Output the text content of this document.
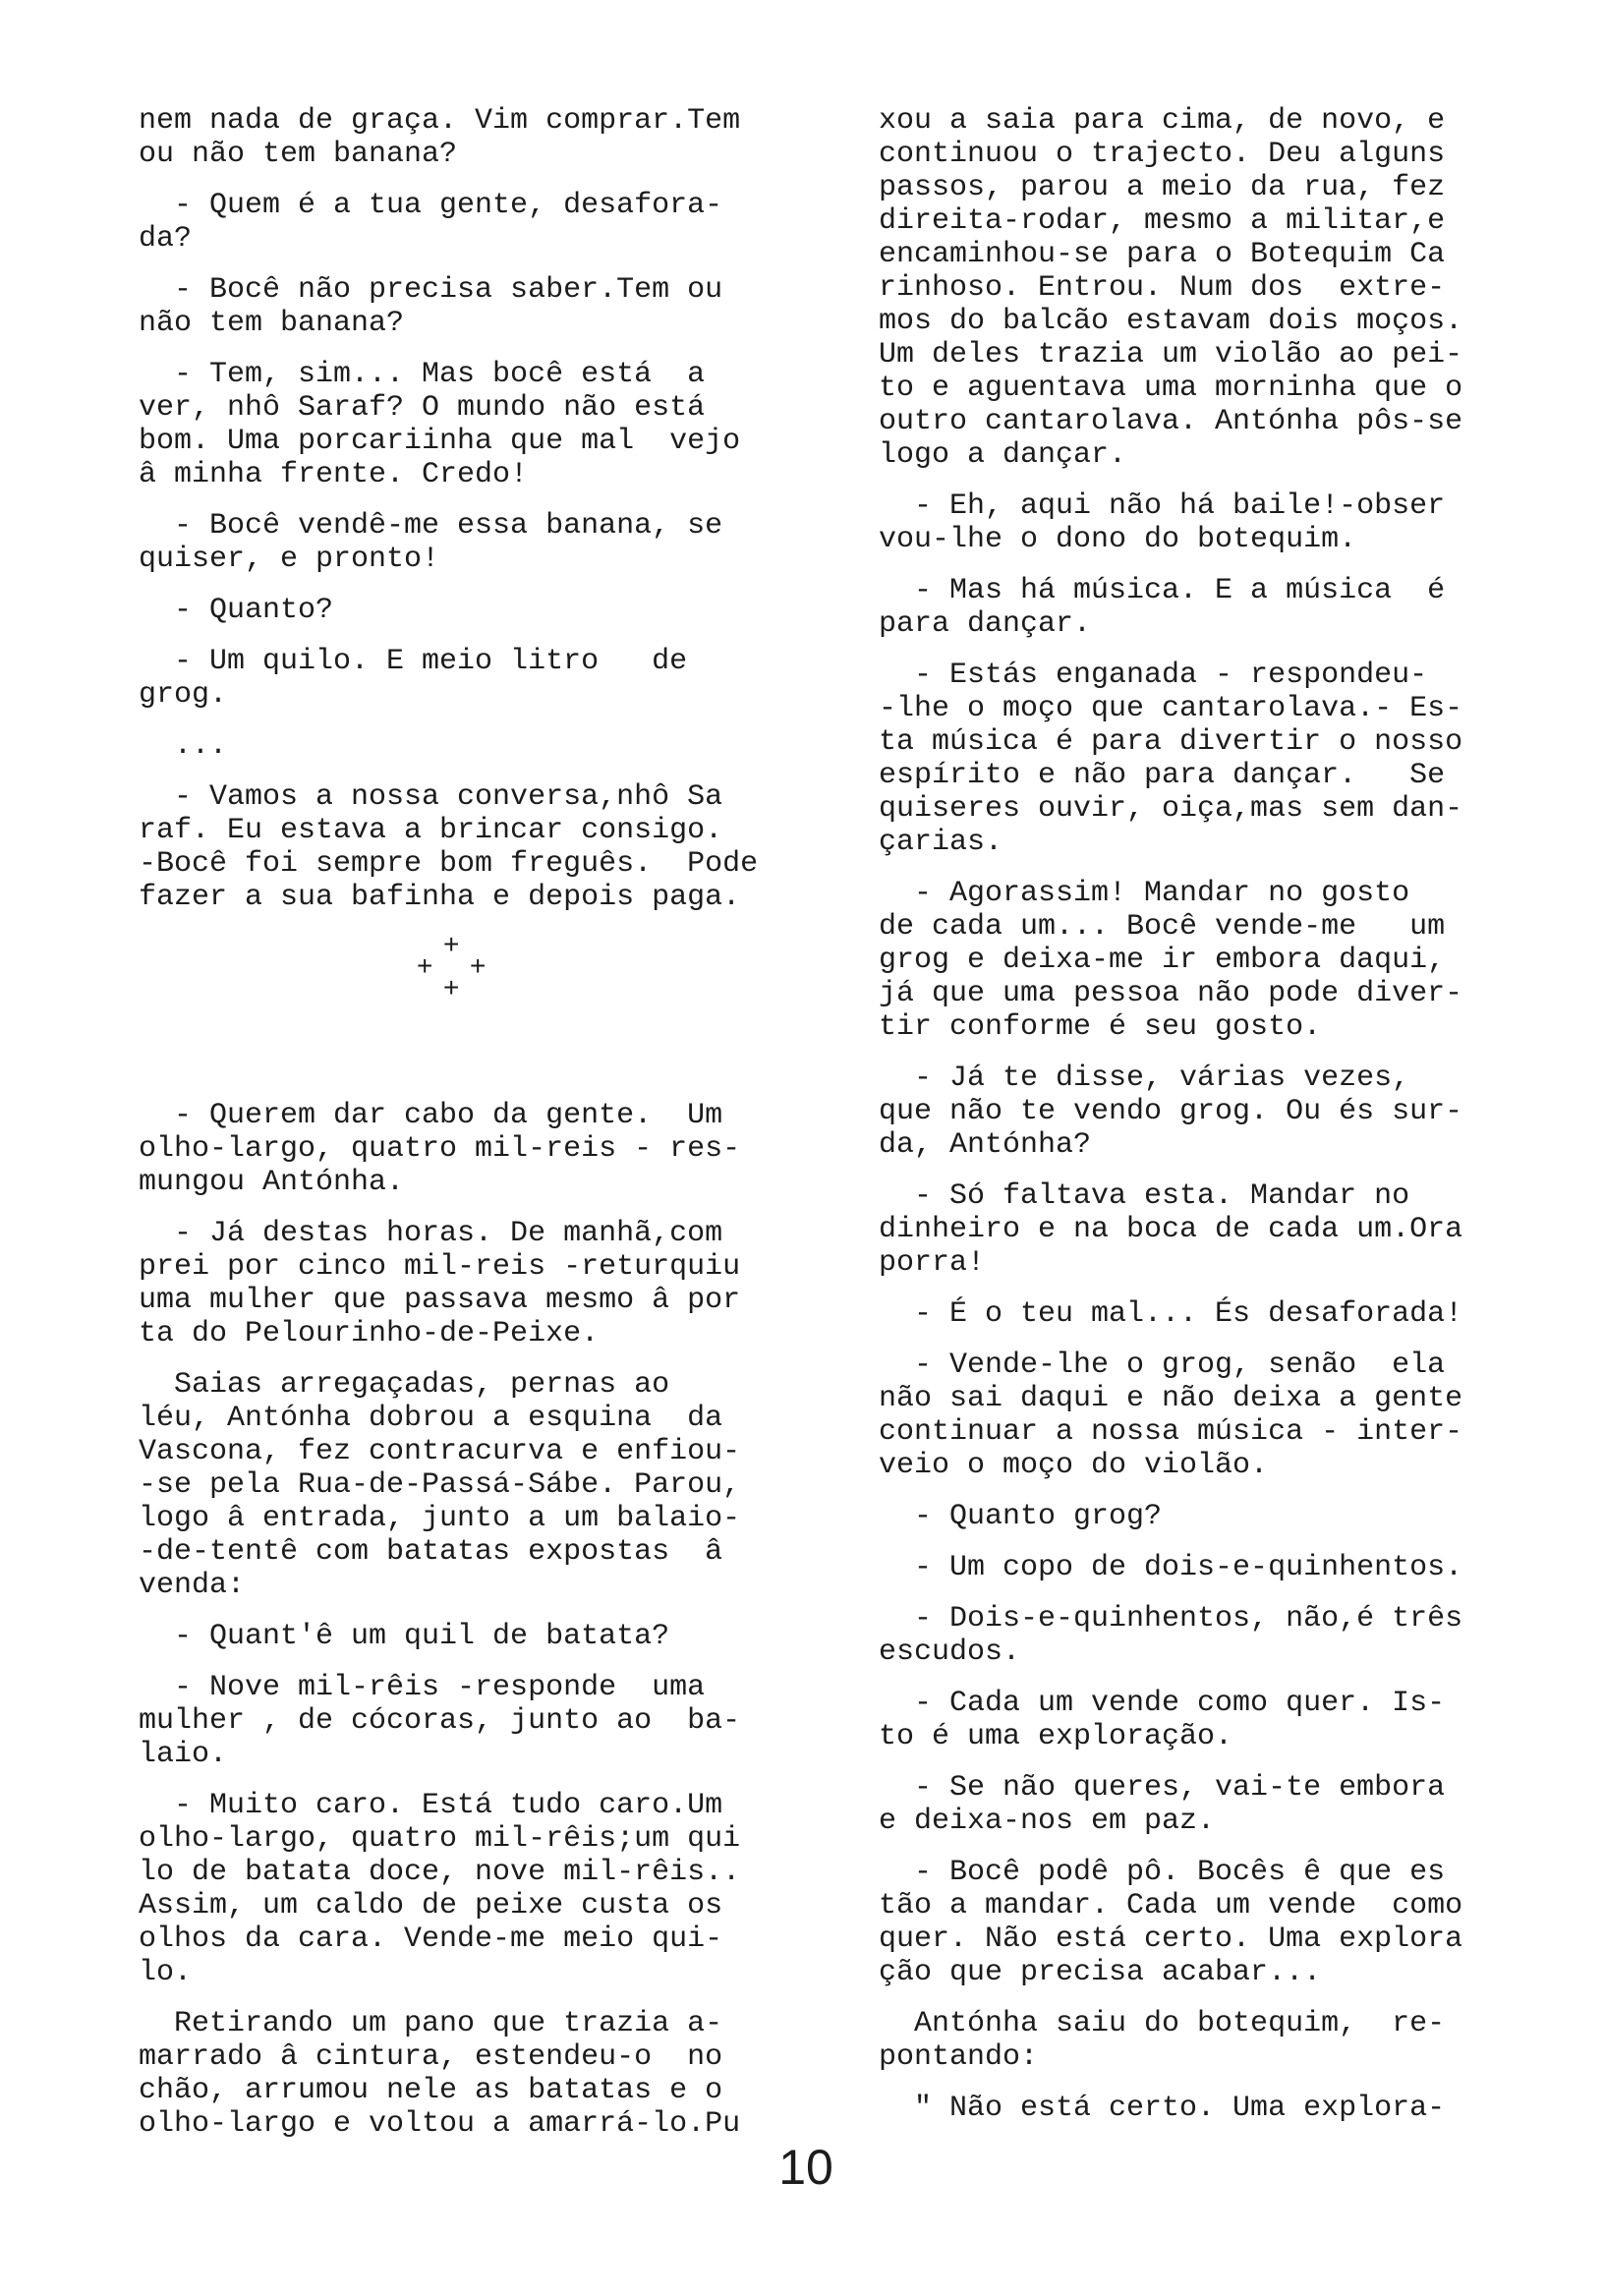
nem nada de graça. Vim comprar.Tem
ou não tem banana?
- Quem é a tua gente, desafora-
da?
- Bocê não precisa saber.Tem ou
não tem banana?
- Tem, sim... Mas bocê está  a
ver, nhô Saraf? O mundo não está
bom. Uma porcariinha que mal  vejo
â minha frente. Credo!
- Bocê vendê-me essa banana, se
quiser, e pronto!
- Quanto?
- Um quilo. E meio litro   de
grog.
...
- Vamos a nossa conversa,nhô Sa
raf. Eu estava a brincar consigo.
-Bocê foi sempre bom freguês.  Pode
fazer a sua bafinha e depois paga.
+
+ +
+
- Querem dar cabo da gente.  Um
olho-largo, quatro mil-reis - res-
mungou Antónha.
- Já destas horas. De manhã,com
prei por cinco mil-reis -returquiu
uma mulher que passava mesmo â por
ta do Pelourinho-de-Peixe.
Saias arregaçadas, pernas ao
léu, Antónha dobrou a esquina  da
Vascona, fez contracurva e enfiou-
-se pela Rua-de-Passá-Sábe. Parou,
logo â entrada, junto a um balaio-
-de-tentê com batatas expostas  â
venda:
- Quant'ê um quil de batata?
- Nove mil-rêis -responde  uma
mulher , de cócoras, junto ao  ba-
laio.
- Muito caro. Está tudo caro.Um
olho-largo, quatro mil-rêis;um qui
lo de batata doce, nove mil-rêis..
Assim, um caldo de peixe custa os
olhos da cara. Vende-me meio qui-
lo.
Retirando um pano que trazia a-
marrado â cintura, estendeu-o  no
chão, arrumou nele as batatas e o
olho-largo e voltou a amarrá-lo.Pu
xou a saia para cima, de novo, e
continuou o trajecto. Deu alguns
passos, parou a meio da rua, fez
direita-rodar, mesmo a militar,e
encaminhou-se para o Botequim Ca
rinhoso. Entrou. Num dos  extre-
mos do balcão estavam dois moços.
Um deles trazia um violão ao pei-
to e aguentava uma morninha que o
outro cantarolava. Antónha pôs-se
logo a dançar.
- Eh, aqui não há baile!-obser
vou-lhe o dono do botequim.
- Mas há música. E a música  é
para dançar.
- Estás enganada - respondeu-
-lhe o moço que cantarolava.- Es-
ta música é para divertir o nosso
espírito e não para dançar.   Se
quiseres ouvir, oiça,mas sem dan-
çarias.
- Agorassim! Mandar no gosto
de cada um... Bocê vende-me   um
grog e deixa-me ir embora daqui,
já que uma pessoa não pode diver-
tir conforme é seu gosto.
- Já te disse, várias vezes,
que não te vendo grog. Ou és sur-
da, Antónha?
- Só faltava esta. Mandar no
dinheiro e na boca de cada um.Ora
porra!
- É o teu mal... És desaforada!
- Vende-lhe o grog, senão  ela
não sai daqui e não deixa a gente
continuar a nossa música - inter-
veio o moço do violão.
- Quanto grog?
- Um copo de dois-e-quinhentos.
- Dois-e-quinhentos, não,é três
escudos.
- Cada um vende como quer. Is-
to é uma exploração.
- Se não queres, vai-te embora
e deixa-nos em paz.
- Bocê podê pô. Bocês ê que es
tão a mandar. Cada um vende  como
quer. Não está certo. Uma explora
ção que precisa acabar...
Antónha saiu do botequim,  re-
pontando:
" Não está certo. Uma explora-
10
